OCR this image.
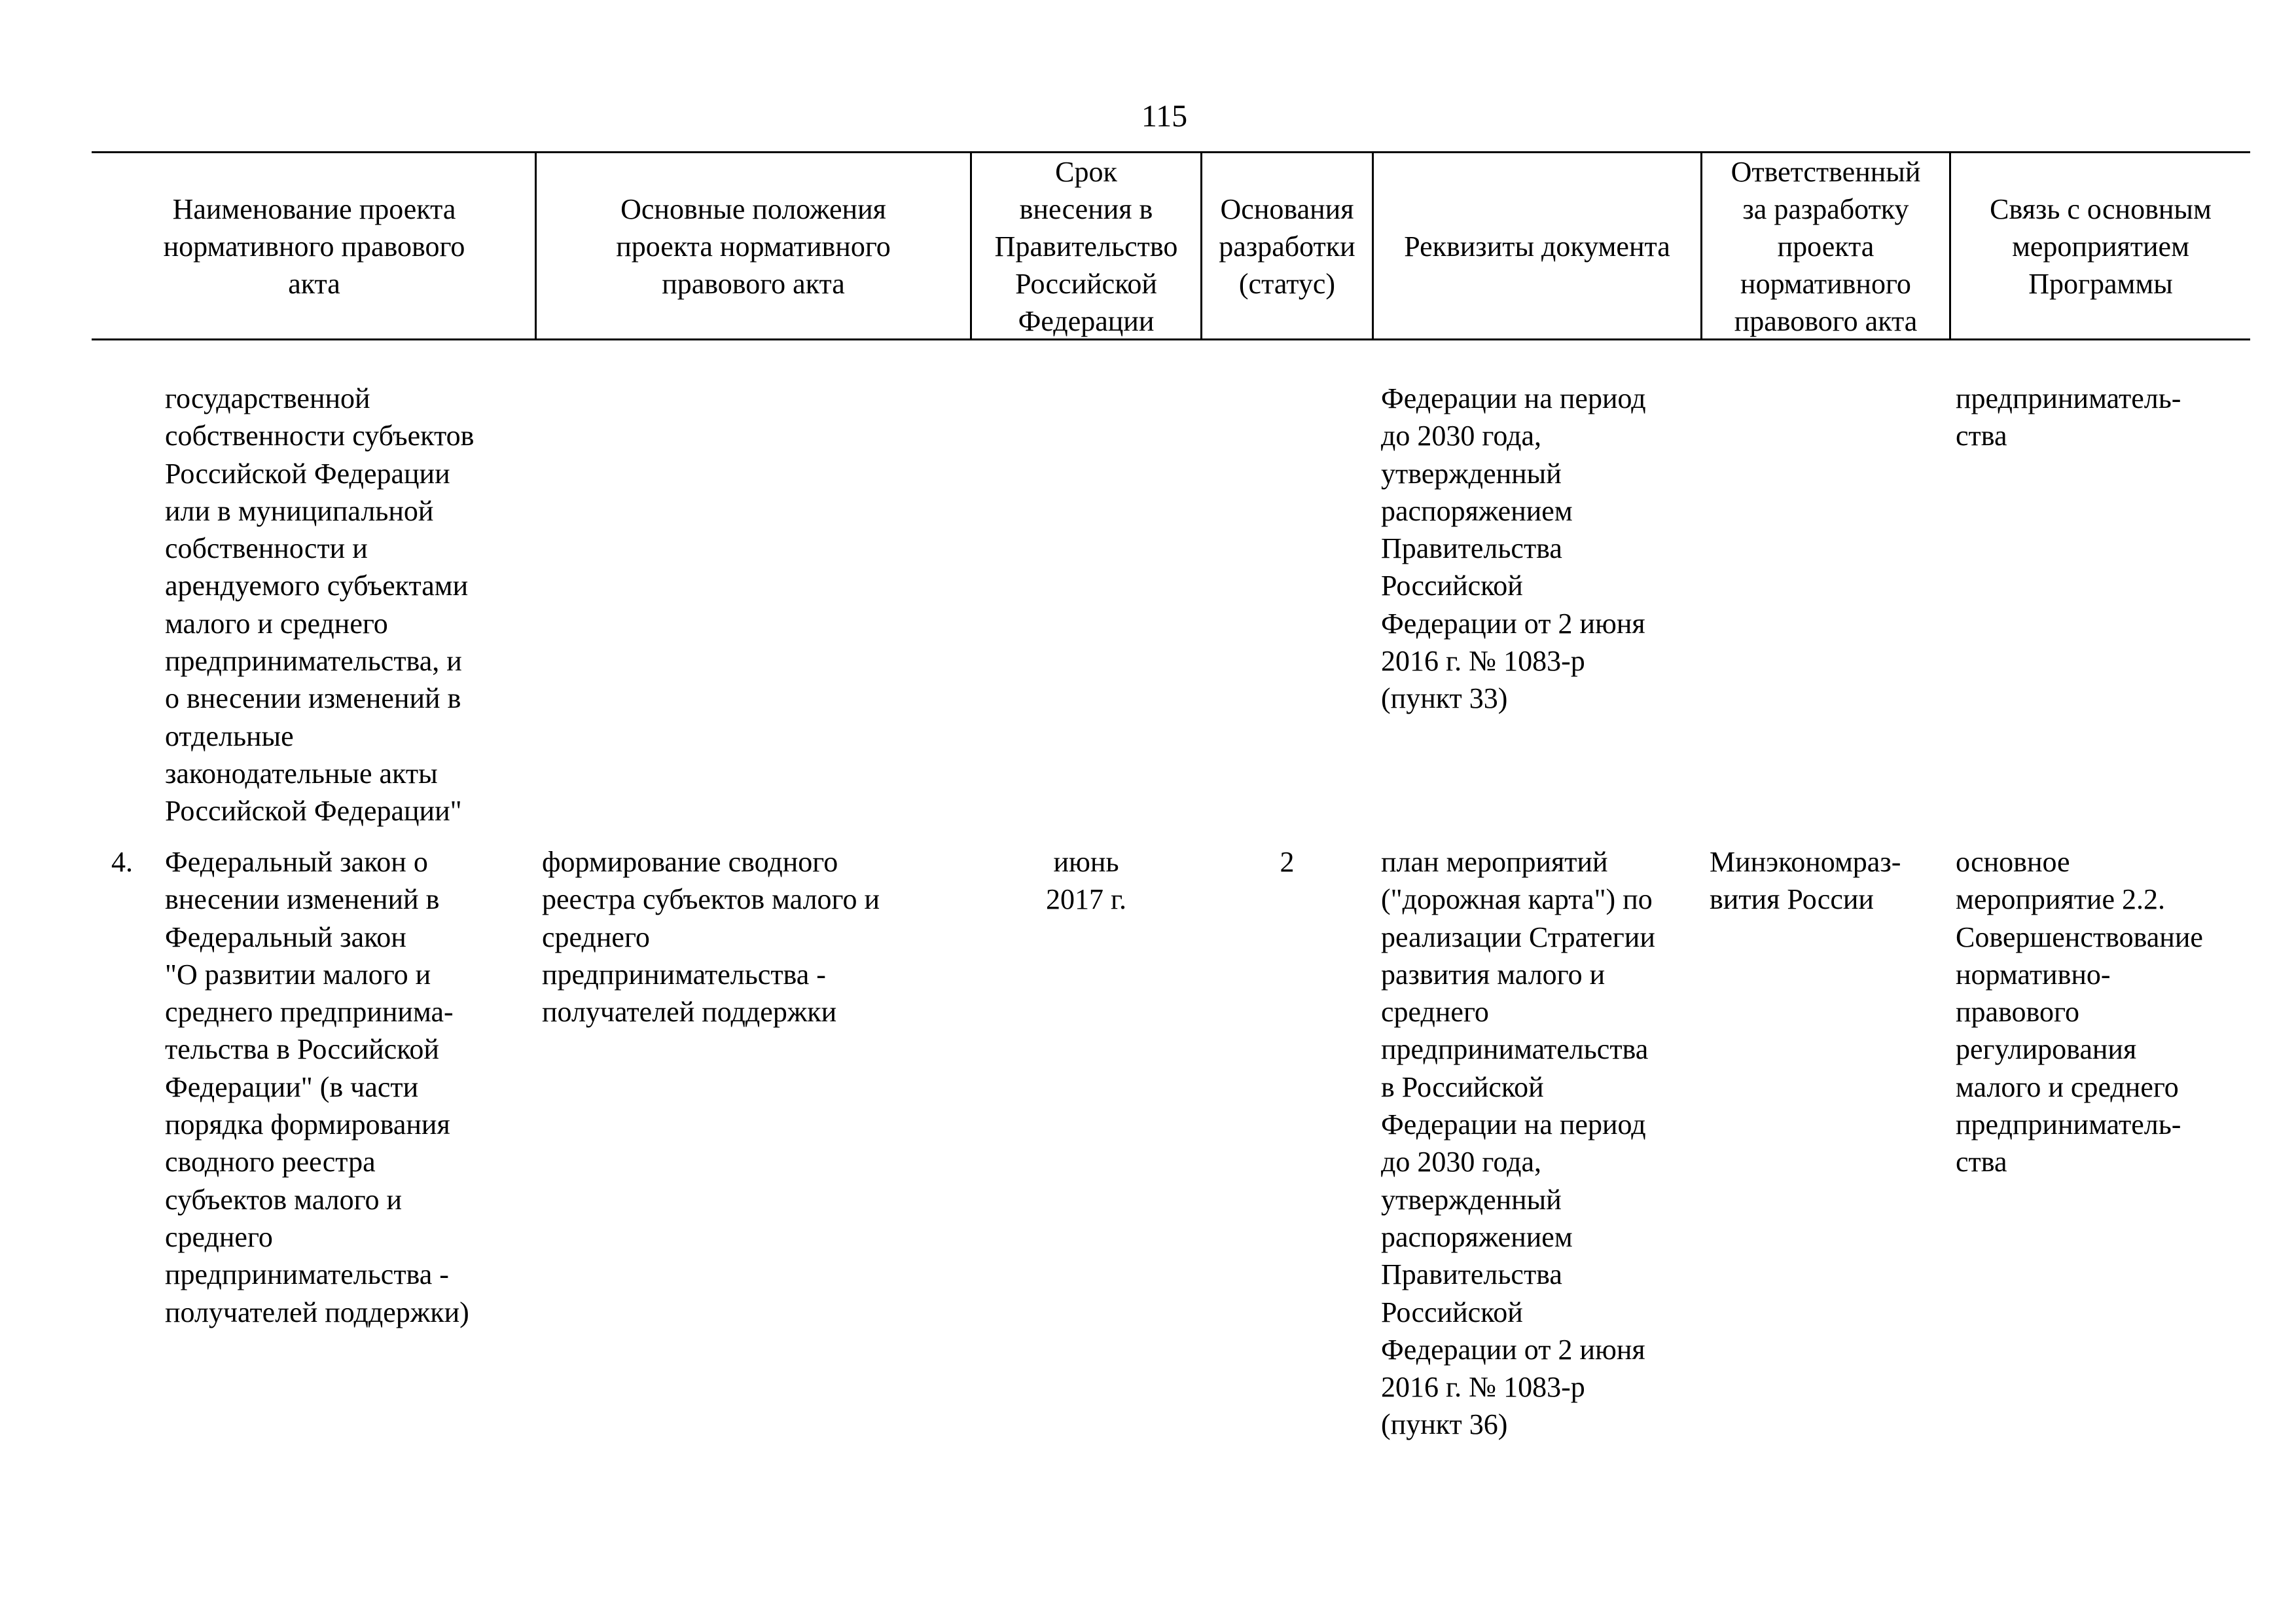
115
Наименование проекта
нормативного правового
акта
Основные положения
проекта нормативного
правового акта
Срок
внесения в
Правительство
Российской
Федерации
Основания
разработки
(статус)
Реквизиты документа
Ответственный
за разработку
проекта
нормативного
правового акта
Связь с основным
мероприятием
Программы
государственной
собственности субъектов
Российской Федерации
или в муниципальной
собственности и
арендуемого субъектами
малого и среднего
предпринимательства, и
о внесении изменений в
отдельные
законодательные акты
Российской Федерации"
Федерации на период
до 2030 года,
утвержденный
распоряжением
Правительства
Российской
Федерации от 2 июня
2016 г. № 1083-р
(пункт 33)
предприниматель-
ства
4. Федеральный закон о
внесении изменений в
Федеральный закон
"О развитии малого и
среднего предпринима-
тельства в Российской
Федерации" (в части
порядка формирования
сводного реестра
субъектов малого и
среднего
предпринимательства -
получателей поддержки)
формирование сводного
реестра субъектов малого и
среднего
предпринимательства -
получателей поддержки
июнь
2017 г.
2	план мероприятий
("дорожная карта") по
реализации Стратегии
развития малого и
среднего
предпринимательства
в Российской
Федерации на период
до 2030 года,
утвержденный
распоряжением
Правительства
Российской
Федерации от 2 июня
2016 г. № 1083-р
(пункт 36)
Минэкономраз-
вития России
основное
мероприятие 2.2.
Совершенствование
нормативно-
правового
регулирования
малого и среднего
предприниматель-
ства
